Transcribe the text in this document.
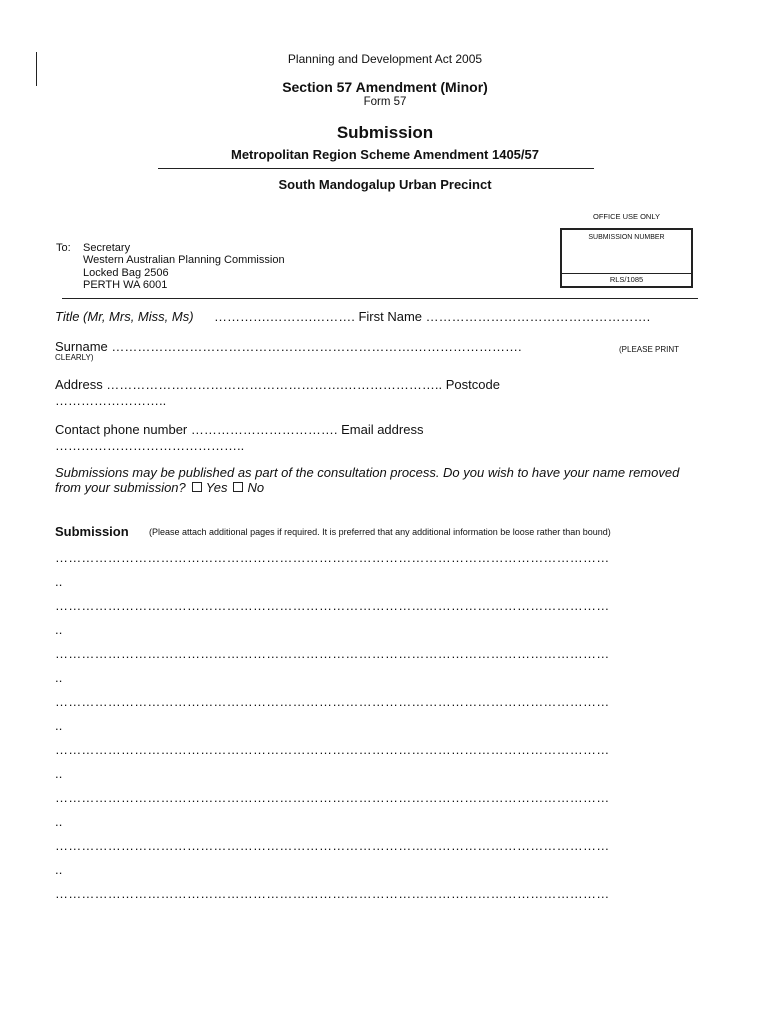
Planning and Development Act 2005
Section 57 Amendment (Minor)
Form 57
Submission
Metropolitan Region Scheme Amendment 1405/57
South Mandogalup Urban Precinct
OFFICE USE ONLY
SUBMISSION NUMBER
RLS/1085
To: Secretary
Western Australian Planning Commission
Locked Bag 2506
PERTH WA 6001
Title (Mr, Mrs, Miss, Ms) ………….……….………. First Name …………………………………………….
Surname …………………………………………………………….…………………….	(PLEASE PRINT
CLEARLY)
Address ……………………………………………….………………….. Postcode
……………………..
Contact phone number ……………………………. Email address
……………………………………..
Submissions may be published as part of the consultation process. Do you wish to have your name removed
from your submission? Yes No
Submission (Please attach additional pages if required. It is preferred that any additional information be loose rather than bound)
………………………………………………………………………………………………………………
..
………………………………………………………………………………………………………………
..
………………………………………………………………………………………………………………
..
………………………………………………………………………………………………………………
..
………………………………………………………………………………………………………………
..
………………………………………………………………………………………………………………
..
………………………………………………………………………………………………………………
..
………………………………………………………………………………………………………………
